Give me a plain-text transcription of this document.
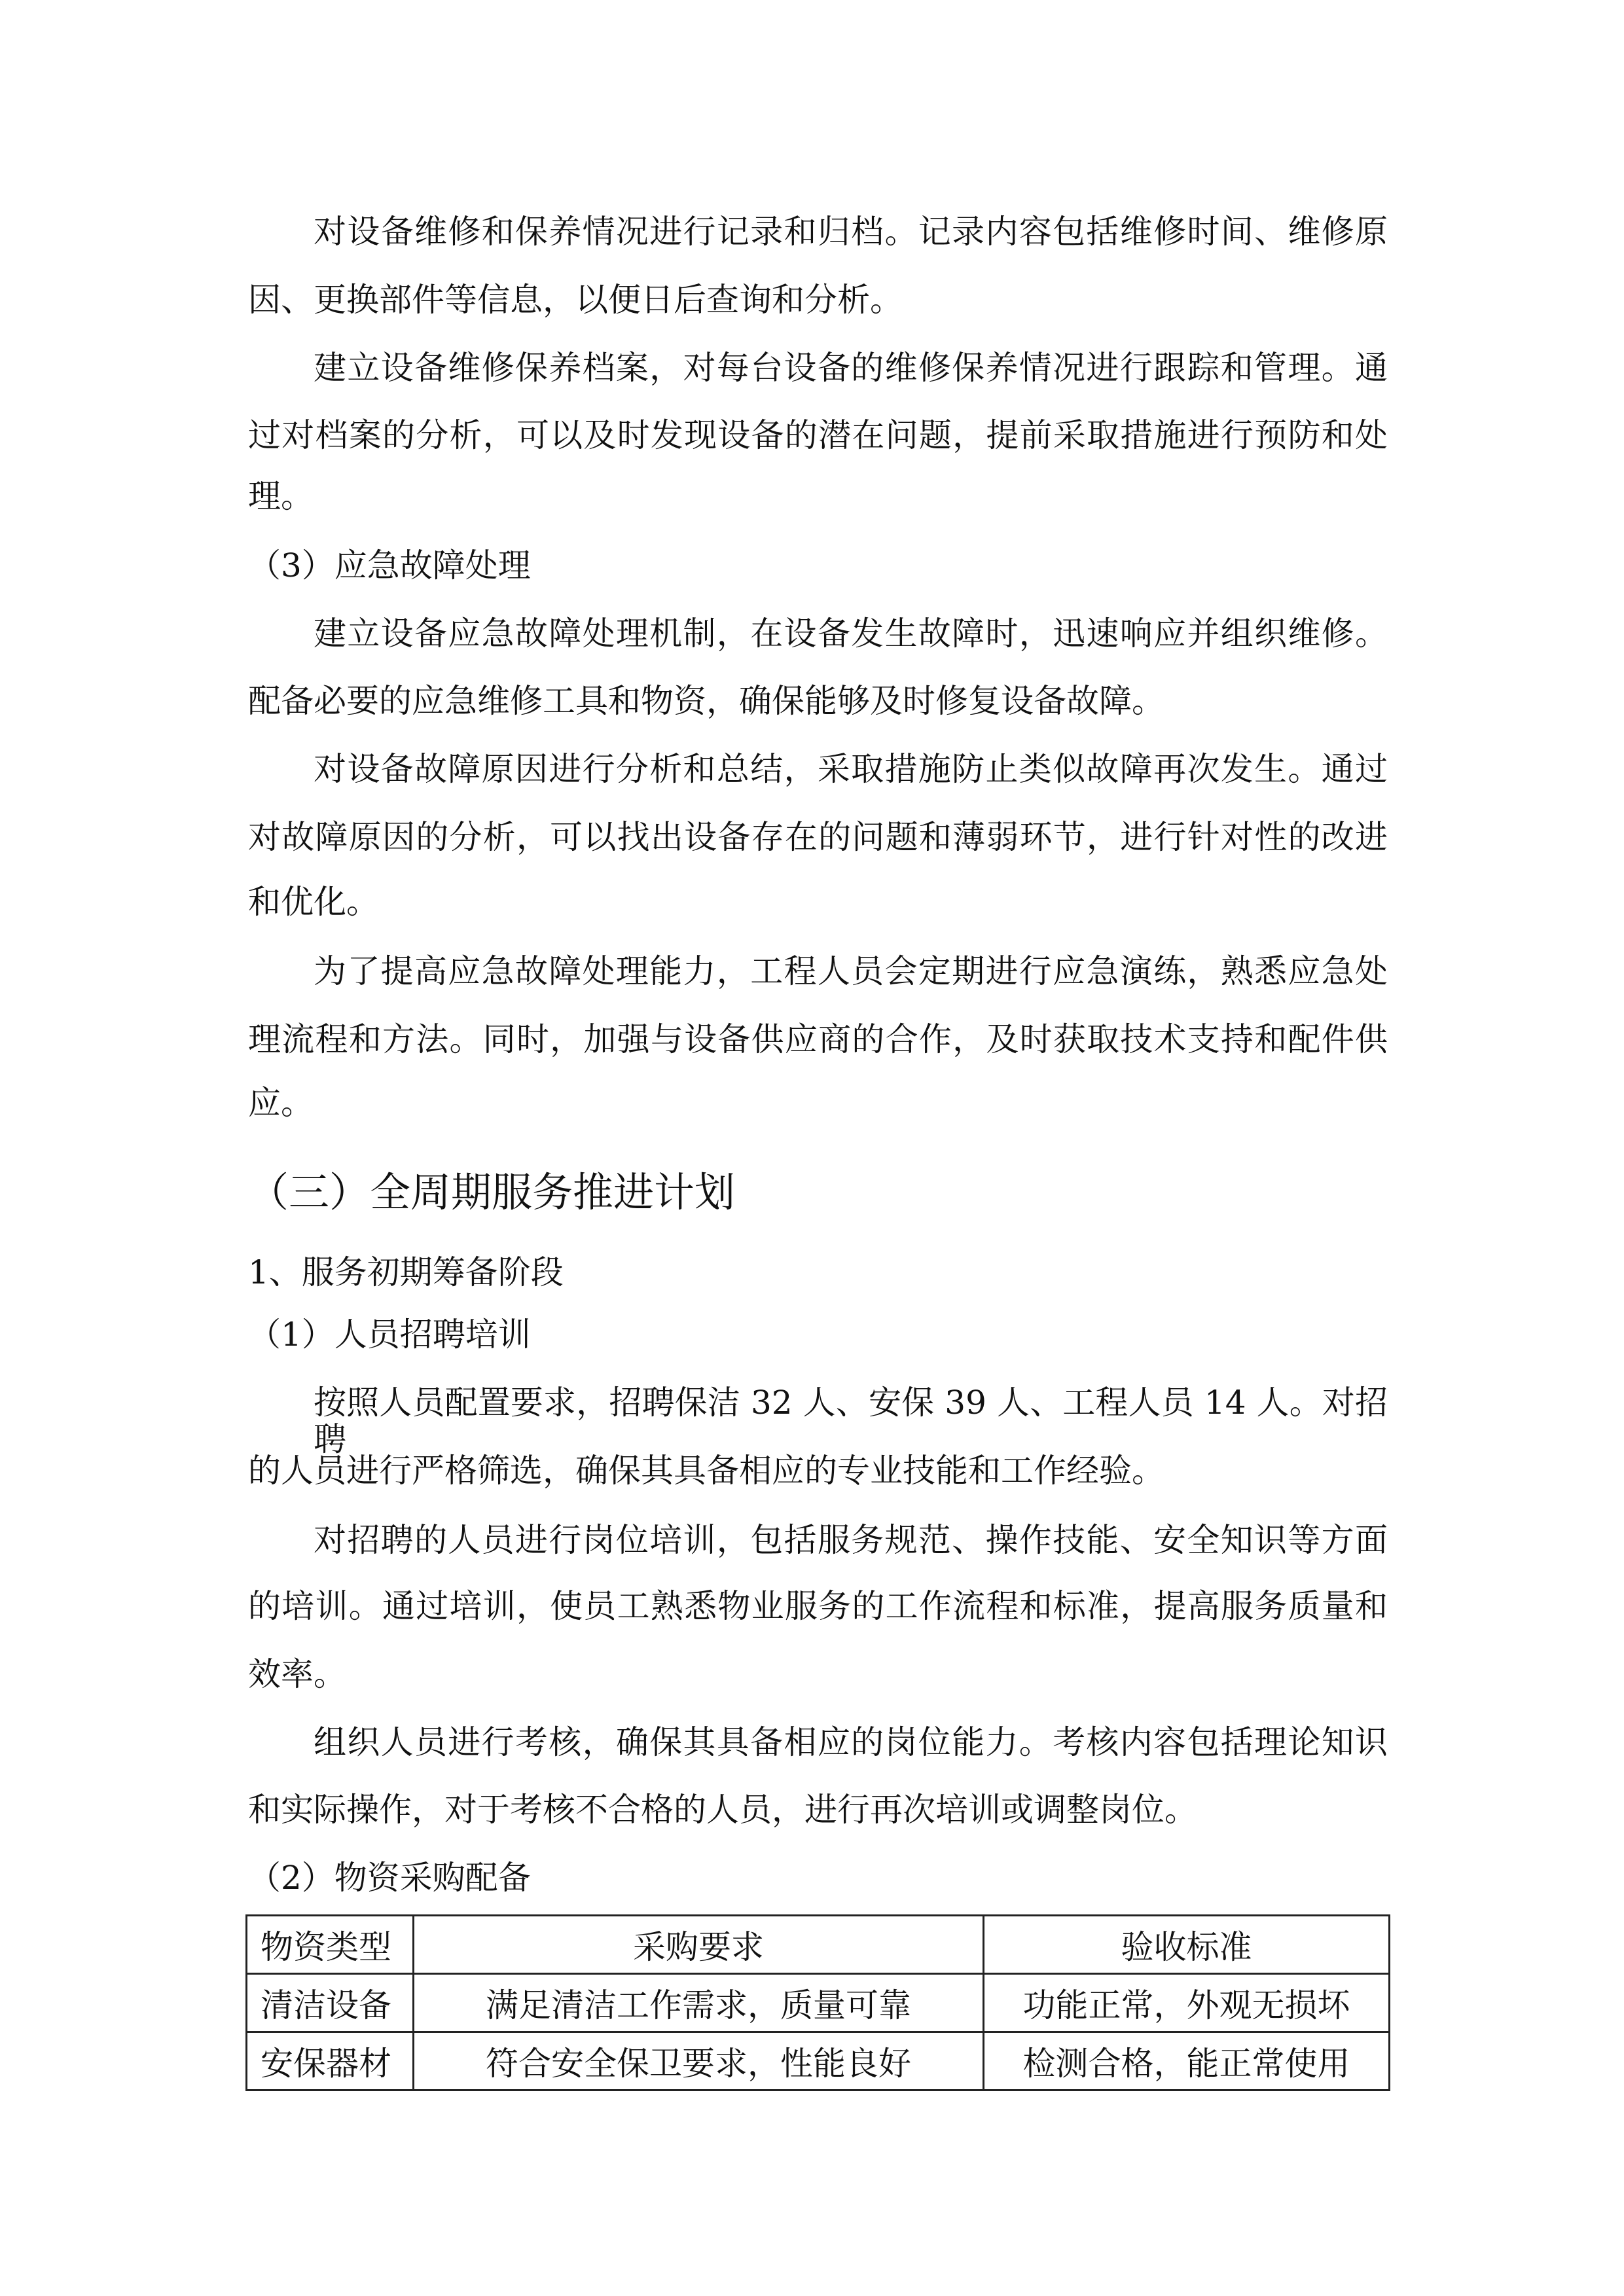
对设备维修和保养情况进行记录和归档。记录内容包括维修时间、维修原
因、更换部件等信息，以便日后查询和分析。
建立设备维修保养档案，对每台设备的维修保养情况进行跟踪和管理。通
过对档案的分析，可以及时发现设备的潜在问题，提前采取措施进行预防和处
理。
（3）应急故障处理
建立设备应急故障处理机制，在设备发生故障时，迅速响应并组织维修。
配备必要的应急维修工具和物资，确保能够及时修复设备故障。
对设备故障原因进行分析和总结，采取措施防止类似故障再次发生。通过
对故障原因的分析，可以找出设备存在的问题和薄弱环节，进行针对性的改进
和优化。
为了提高应急故障处理能力，工程人员会定期进行应急演练，熟悉应急处
理流程和方法。同时，加强与设备供应商的合作，及时获取技术支持和配件供
应。
（三）全周期服务推进计划
1、服务初期筹备阶段
（1）人员招聘培训
按照人员配置要求，招聘保洁 32 人、安保 39 人、工程人员 14 人。对招聘
的人员进行严格筛选，确保其具备相应的专业技能和工作经验。
对招聘的人员进行岗位培训，包括服务规范、操作技能、安全知识等方面
的培训。通过培训，使员工熟悉物业服务的工作流程和标准，提高服务质量和
效率。
组织人员进行考核，确保其具备相应的岗位能力。考核内容包括理论知识
和实际操作，对于考核不合格的人员，进行再次培训或调整岗位。
（2）物资采购配备
物资类型	采购要求	验收标准
清洁设备	满足清洁工作需求，质量可靠	功能正常，外观无损坏
安保器材	符合安全保卫要求，性能良好	检测合格，能正常使用
